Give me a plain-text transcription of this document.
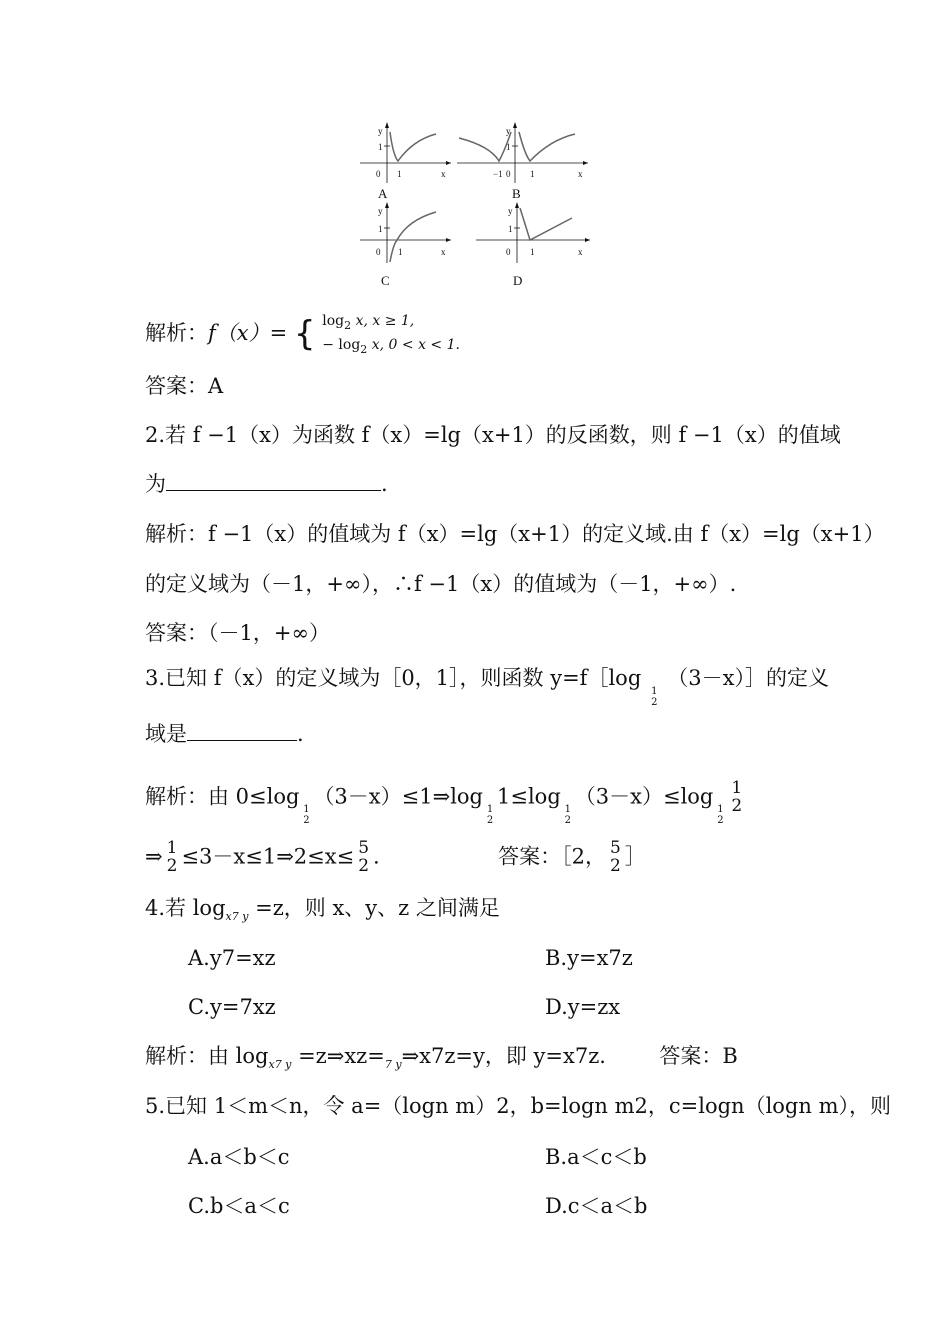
y
1
0 1	x
A
y
1
−1 0 1	x
B
y
1
0 1	x
C
y
1
0 1	x
D
解析：f（x）= { $\log_2 x$, x ≥ 1,
− $\log_2 x$, 0 < x < 1.
答案：A
2.若 f −1（x）为函数 f（x）=lg（x+1）的反函数，则 f −1（x）的值域
为	.
解析：f −1（x）的值域为 f（x）=lg（x+1）的定义域.由 f（x）=lg（x+1）
的定义域为（－1，+∞），∴f −1（x）的值域为（－1，+∞）.
答案：（－1，+∞）
3.已知 f（x）的定义域为［0，1］，则函数 y=f［log
1
2
（3－x）］的定义
域是	.
解析：由 0≤log
1
2
（3－x）≤1⇒log
1
2
1≤log
1
2
（3－x）≤log
1
2
1
2
⇒ 1
2 ≤3－x≤1⇒2≤x≤ 5
2 .	答案：［2， 5
2 ］
4.若 $\log_{x7 y} =z$，则 x、y、z 之间满足
A.y7=xz	B.y=x7z
C.y=7xz	D.y=zx
解析：由 $\log_{x7 y}$ $=z\Rightarrow xz=_{7 y}\Rightarrow x7z=y$，即 y=x7z.	答案：B
5.已知 1＜m＜n，令 a=（logn m）2，b=logn m2，c=logn（logn m），则
A.a＜b＜c	B.a＜c＜b
C.b＜a＜c	D.c＜a＜b
